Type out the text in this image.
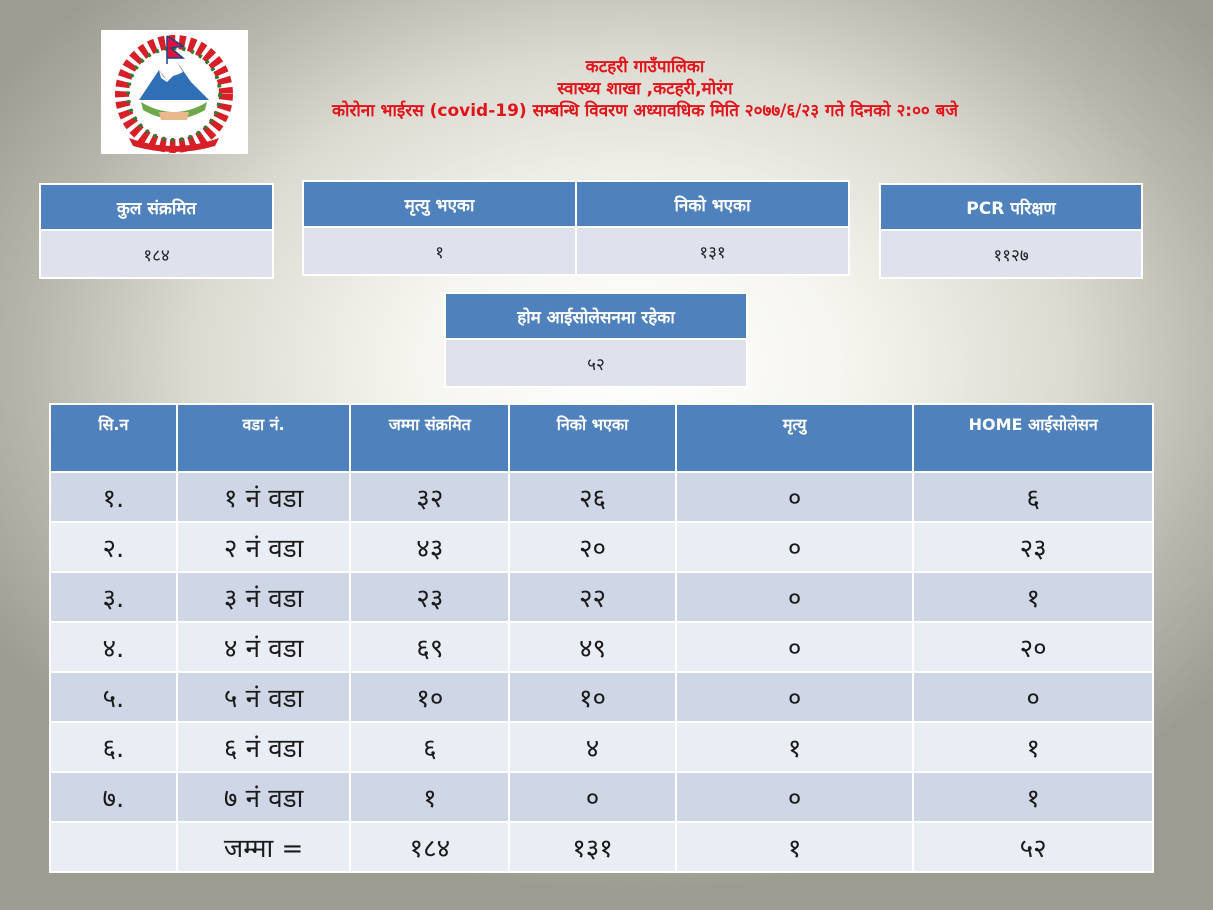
कटहरी गाउँपालिका
स्वास्थ्य शाखा ,कटहरी,मोरंग
कोरोना भाईरस (covid-19) सम्बन्धि विवरण अध्यावधिक मिति २०७७/६/२३ गते दिनको २:०० बजे
कुल संक्रमित
१८४
मृत्यु भएका	निको भएका
१	१३१
PCR परिक्षण
११२७
होम आईसोलेसनमा रहेका
५२
सि.न	वडा नं.	जम्मा संक्रमित	निको भएका	मृत्यु	HOME आईसोलेसन
१.	१ नं वडा	३२	२६	०	६
२.	२ नं वडा	४३	२०	०	२३
३.	३ नं वडा	२३	२२	०	१
४.	४ नं वडा	६९	४९	०	२०
५.	५ नं वडा	१०	१०	०	०
६.	६ नं वडा	६	४	१	१
७.	७ नं वडा	१	०	०	१
	जम्मा =	१८४	१३१	१	५२
